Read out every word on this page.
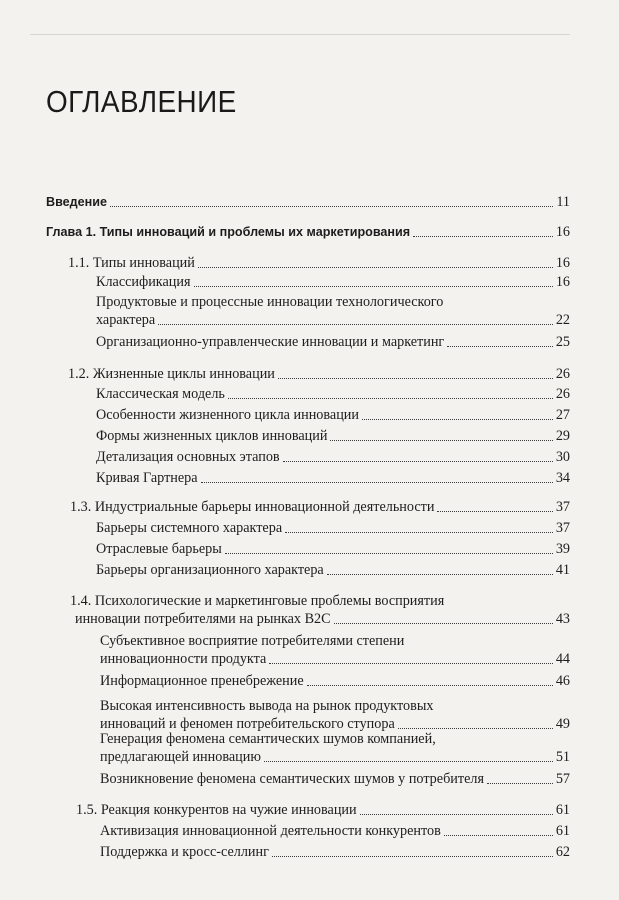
ОГЛАВЛЕНИЕ
Введение	11
Глава 1. Типы инноваций и проблемы их маркетирования	16
1.1. Типы инноваций	16
Классификация	16
Продуктовые и процессные инновации технологического
характера	22
Организационно-управленческие инновации и маркетинг	25
1.2. Жизненные циклы инновации	26
Классическая модель	26
Особенности жизненного цикла инновации	27
Формы жизненных циклов инноваций	29
Детализация основных этапов	30
Кривая Гартнера	34
1.3. Индустриальные барьеры инновационной деятельности	37
Барьеры системного характера	37
Отраслевые барьеры	39
Барьеры организационного характера	41
1.4. Психологические и маркетинговые проблемы восприятия
инновации потребителями на рынках B2C	43
Субъективное восприятие потребителями степени
инновационности продукта	44
Информационное пренебрежение	46
Высокая интенсивность вывода на рынок продуктовых
инноваций и феномен потребительского ступора	49
Генерация феномена семантических шумов компанией,
предлагающей инновацию	51
Возникновение феномена семантических шумов у потребителя	57
1.5. Реакция конкурентов на чужие инновации	61
Активизация инновационной деятельности конкурентов	61
Поддержка и кросс-селлинг	62
